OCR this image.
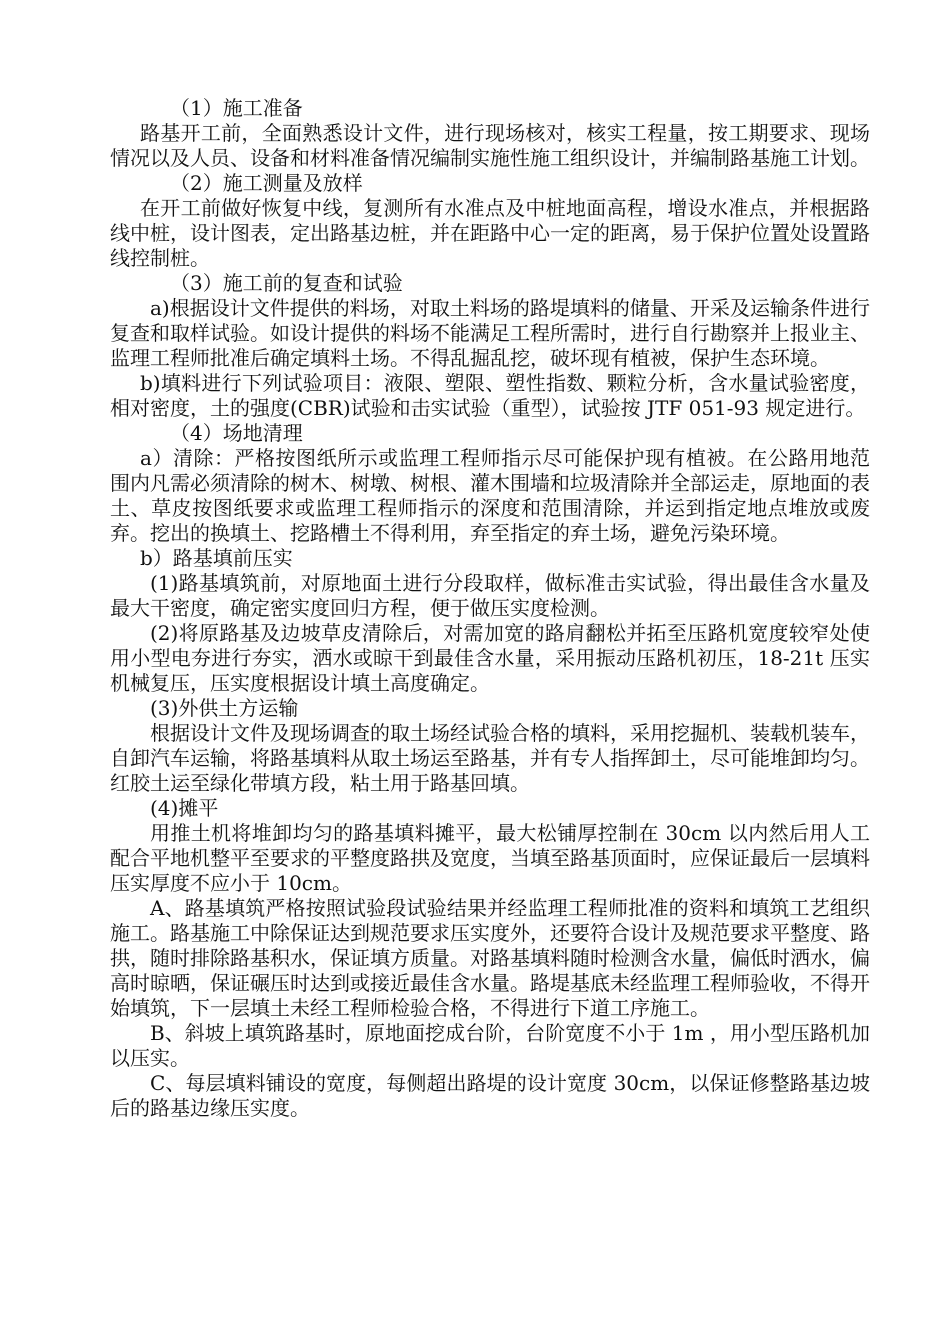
（1）施工准备

路基开工前，全面熟悉设计文件，进行现场核对，核实工程量，按工期要求、现场情况以及人员、设备和材料准备情况编制实施性施工组织设计，并编制路基施工计划。

（2）施工测量及放样

在开工前做好恢复中线，复测所有水准点及中桩地面高程，增设水准点，并根据路线中桩，设计图表，定出路基边桩，并在距路中心一定的距离，易于保护位置处设置路线控制桩。

（3）施工前的复查和试验

a)根据设计文件提供的料场，对取土料场的路堤填料的储量、开采及运输条件进行复查和取样试验。如设计提供的料场不能满足工程所需时，进行自行勘察并上报业主、监理工程师批准后确定填料土场。不得乱掘乱挖，破坏现有植被，保护生态环境。

b)填料进行下列试验项目：液限、塑限、塑性指数、颗粒分析，含水量试验密度，相对密度，土的强度(CBR)试验和击实试验（重型），试验按 JTF 051-93 规定进行。

（4）场地清理

a）清除：严格按图纸所示或监理工程师指示尽可能保护现有植被。在公路用地范围内凡需必须清除的树木、树墩、树根、灌木围墙和垃圾清除并全部运走，原地面的表土、草皮按图纸要求或监理工程师指示的深度和范围清除，并运到指定地点堆放或废弃。挖出的换填土、挖路槽土不得利用，弃至指定的弃土场，避免污染环境。

b）路基填前压实

(1)路基填筑前，对原地面土进行分段取样，做标准击实试验，得出最佳含水量及最大干密度，确定密实度回归方程，便于做压实度检测。

(2)将原路基及边坡草皮清除后，对需加宽的路肩翻松并拓至压路机宽度较窄处使用小型电夯进行夯实，洒水或晾干到最佳含水量，采用振动压路机初压，18-21t 压实机械复压，压实度根据设计填土高度确定。

(3)外供土方运输

根据设计文件及现场调查的取土场经试验合格的填料，采用挖掘机、装载机装车，自卸汽车运输，将路基填料从取土场运至路基，并有专人指挥卸土，尽可能堆卸均匀。红胶土运至绿化带填方段，粘土用于路基回填。

(4)摊平

用推土机将堆卸均匀的路基填料摊平，最大松铺厚控制在 30cm 以内然后用人工配合平地机整平至要求的平整度路拱及宽度，当填至路基顶面时，应保证最后一层填料压实厚度不应小于 10cm。

A、路基填筑严格按照试验段试验结果并经监理工程师批准的资料和填筑工艺组织施工。路基施工中除保证达到规范要求压实度外，还要符合设计及规范要求平整度、路拱，随时排除路基积水，保证填方质量。对路基填料随时检测含水量，偏低时洒水，偏高时晾晒，保证碾压时达到或接近最佳含水量。路堤基底未经监理工程师验收，不得开始填筑，下一层填土未经工程师检验合格，不得进行下道工序施工。

B、斜坡上填筑路基时，原地面挖成台阶，台阶宽度不小于 1m ，用小型压路机加以压实。

C、每层填料铺设的宽度，每侧超出路堤的设计宽度 30cm，以保证修整路基边坡后的路基边缘压实度。
